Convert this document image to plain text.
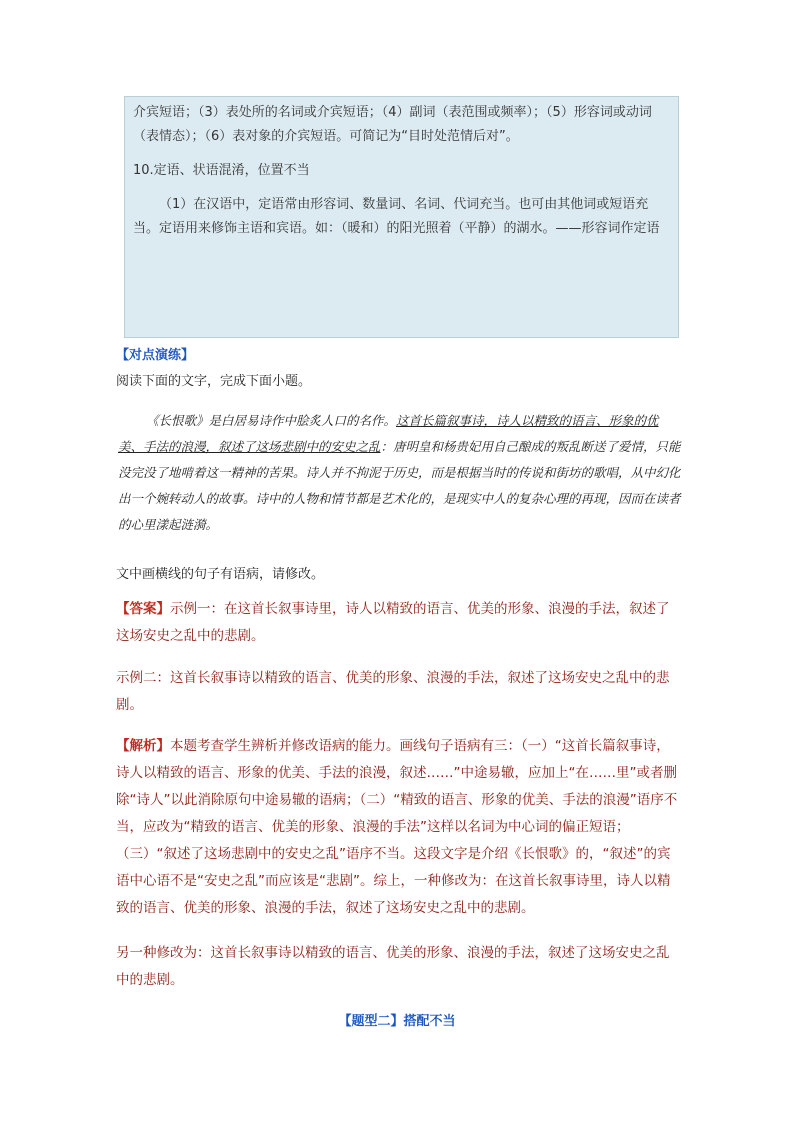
介宾短语；（3）表处所的名词或介宾短语；（4）副词（表范围或频率）；（5）形容词或动词（表情态）；（6）表对象的介宾短语。可简记为“目时处范情后对”。

10.定语、状语混淆，位置不当

（1）在汉语中，定语常由形容词、数量词、名词、代词充当。也可由其他词或短语充当。定语用来修饰主语和宾语。如：（暖和）的阳光照着（平静）的湖水。——形容词作定语

【对点演练】
阅读下面的文字，完成下面小题。

《长恨歌》是白居易诗作中脍炙人口的名作。这首长篇叙事诗，诗人以精致的语言、形象的优美、手法的浪漫，叙述了这场悲剧中的安史之乱：唐明皇和杨贵妃用自己酿成的叛乱断送了爱情，只能没完没了地啃着这一精神的苦果。诗人并不拘泥于历史，而是根据当时的传说和街坊的歌唱，从中幻化出一个婉转动人的故事。诗中的人物和情节都是艺术化的，是现实中人的复杂心理的再现，因而在读者的心里漾起涟漪。

文中画横线的句子有语病，请修改。

【答案】示例一：在这首长叙事诗里，诗人以精致的语言、优美的形象、浪漫的手法，叙述了这场安史之乱中的悲剧。

示例二：这首长叙事诗以精致的语言、优美的形象、浪漫的手法，叙述了这场安史之乱中的悲剧。

【解析】本题考查学生辨析并修改语病的能力。画线句子语病有三：（一）“这首长篇叙事诗，诗人以精致的语言、形象的优美、手法的浪漫，叙述……”中途易辙，应加上“在……里”或者删除“诗人”以此消除原句中途易辙的语病；（二）“精致的语言、形象的优美、手法的浪漫”语序不当，应改为“精致的语言、优美的形象、浪漫的手法”这样以名词为中心词的偏正短语；（三）“叙述了这场悲剧中的安史之乱”语序不当。这段文字是介绍《长恨歌》的，“叙述”的宾语中心语不是“安史之乱”而应该是“悲剧”。综上，一种修改为：在这首长叙事诗里，诗人以精致的语言、优美的形象、浪漫的手法，叙述了这场安史之乱中的悲剧。

另一种修改为：这首长叙事诗以精致的语言、优美的形象、浪漫的手法，叙述了这场安史之乱中的悲剧。

【题型二】搭配不当
